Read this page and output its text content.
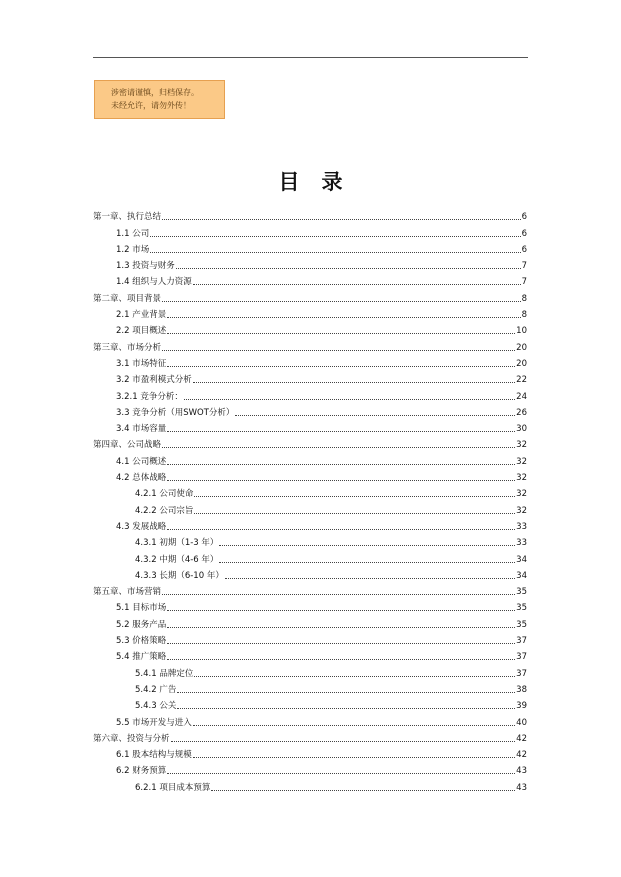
涉密请谨慎，归档保存。
未经允许，请勿外传！
目录
第一章、执行总结	6
1.1 公司	6
1.2 市场	6
1.3 投资与财务	7
1.4 组织与人力资源	7
第二章、项目背景	8
2.1 产业背景	8
2.2 项目概述	10
第三章、市场分析	20
3.1 市场特征	20
3.2 市盈利模式分析	22
3.2.1 竞争分析：	24
3.3 竞争分析（用SWOT分析）	26
3.4 市场容量	30
第四章、公司战略	32
4.1 公司概述	32
4.2 总体战略	32
4.2.1 公司使命	32
4.2.2 公司宗旨	32
4.3 发展战略	33
4.3.1 初期（1-3 年）	33
4.3.2 中期（4-6 年）	34
4.3.3 长期（6-10 年）	34
第五章、市场营销	35
5.1 目标市场	35
5.2 服务产品	35
5.3 价格策略	37
5.4 推广策略	37
5.4.1 品牌定位	37
5.4.2 广告	38
5.4.3 公关	39
5.5 市场开发与进入	40
第六章、投资与分析	42
6.1 股本结构与规模	42
6.2 财务预算	43
6.2.1 项目成本预算	43
